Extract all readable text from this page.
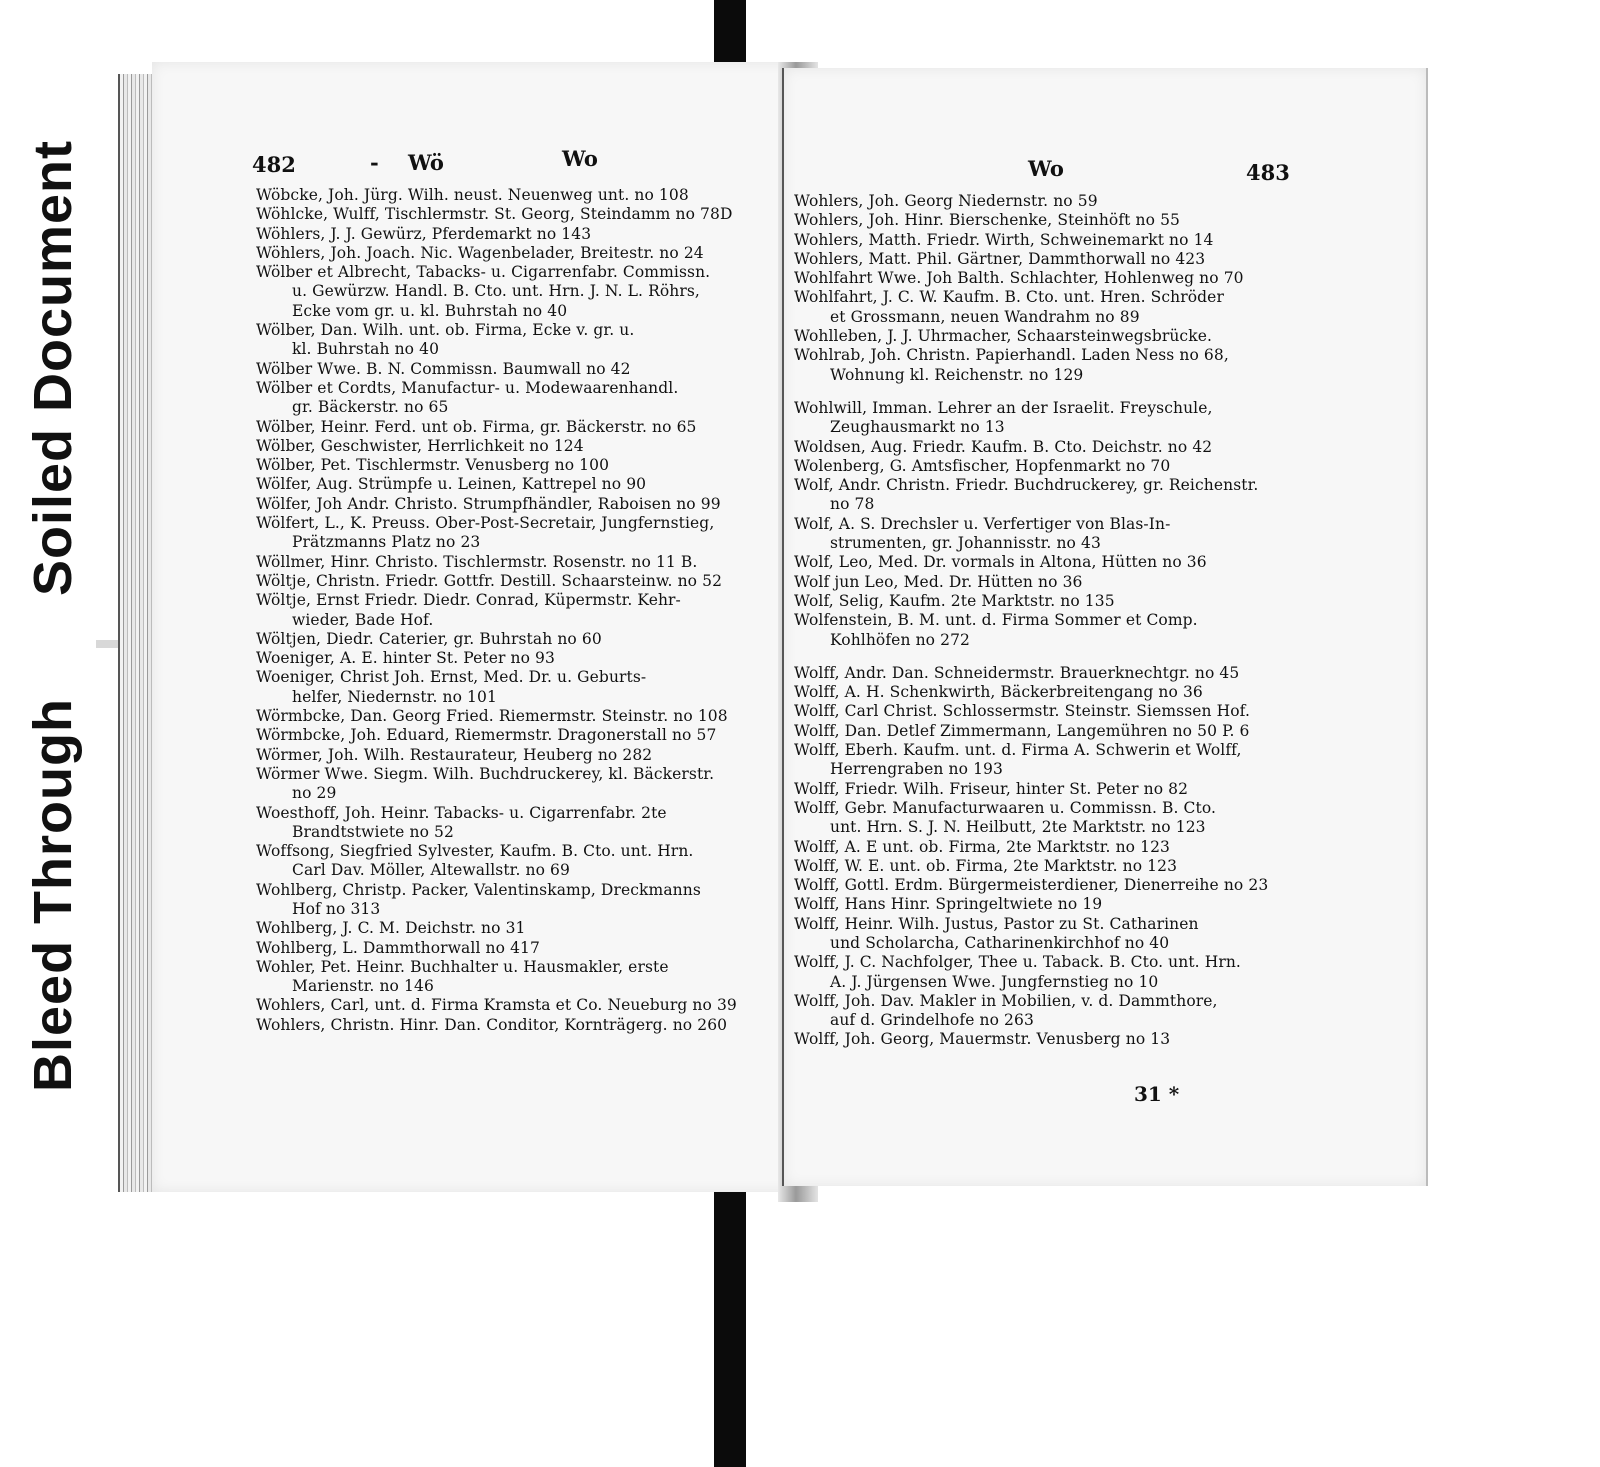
Soiled Document
Bleed Through
482	- Wö	Wo
Wöbcke, Joh. Jürg. Wilh. neust. Neuenweg unt. no 108
Wöhlcke, Wulff, Tischlermstr. St. Georg, Steindamm no 78D
Wöhlers, J. J. Gewürz, Pferdemarkt no 143
Wöhlers, Joh. Joach. Nic. Wagenbelader, Breitestr. no 24
Wölber et Albrecht, Tabacks- u. Cigarrenfabr. Commissn.
u. Gewürzw. Handl. B. Cto. unt. Hrn. J. N. L. Röhrs,
Ecke vom gr. u. kl. Buhrstah no 40
Wölber, Dan. Wilh. unt. ob. Firma, Ecke v. gr. u.
kl. Buhrstah no 40
Wölber Wwe. B. N. Commissn. Baumwall no 42
Wölber et Cordts, Manufactur- u. Modewaarenhandl.
gr. Bäckerstr. no 65
Wölber, Heinr. Ferd. unt ob. Firma, gr. Bäckerstr. no 65
Wölber, Geschwister, Herrlichkeit no 124
Wölber, Pet. Tischlermstr. Venusberg no 100
Wölfer, Aug. Strümpfe u. Leinen, Kattrepel no 90
Wölfer, Joh Andr. Christo. Strumpfhändler, Raboisen no 99
Wölfert, L., K. Preuss. Ober-Post-Secretair, Jungfernstieg,
Prätzmanns Platz no 23
Wöllmer, Hinr. Christo. Tischlermstr. Rosenstr. no 11 B.
Wöltje, Christn. Friedr. Gottfr. Destill. Schaarsteinw. no 52
Wöltje, Ernst Friedr. Diedr. Conrad, Küpermstr. Kehr-
wieder, Bade Hof.
Wöltjen, Diedr. Caterier, gr. Buhrstah no 60
Woeniger, A. E. hinter St. Peter no 93
Woeniger, Christ Joh. Ernst, Med. Dr. u. Geburts-
helfer, Niedernstr. no 101
Wörmbcke, Dan. Georg Fried. Riemermstr. Steinstr. no 108
Wörmbcke, Joh. Eduard, Riemermstr. Dragonerstall no 57
Wörmer, Joh. Wilh. Restaurateur, Heuberg no 282
Wörmer Wwe. Siegm. Wilh. Buchdruckerey, kl. Bäckerstr.
no 29
Woesthoff, Joh. Heinr. Tabacks- u. Cigarrenfabr. 2te
Brandtstwiete no 52
Woffsong, Siegfried Sylvester, Kaufm. B. Cto. unt. Hrn.
Carl Dav. Möller, Altewallstr. no 69
Wohlberg, Christp. Packer, Valentinskamp, Dreckmanns
Hof no 313
Wohlberg, J. C. M. Deichstr. no 31
Wohlberg, L. Dammthorwall no 417
Wohler, Pet. Heinr. Buchhalter u. Hausmakler, erste
Marienstr. no 146
Wohlers, Carl, unt. d. Firma Kramsta et Co. Neueburg no 39
Wohlers, Christn. Hinr. Dan. Conditor, Kornträgerg. no 260
Wo	483
Wohlers, Joh. Georg Niedernstr. no 59
Wohlers, Joh. Hinr. Bierschenke, Steinhöft no 55
Wohlers, Matth. Friedr. Wirth, Schweinemarkt no 14
Wohlers, Matt. Phil. Gärtner, Dammthorwall no 423
Wohlfahrt Wwe. Joh Balth. Schlachter, Hohlenweg no 70
Wohlfahrt, J. C. W. Kaufm. B. Cto. unt. Hren. Schröder
et Grossmann, neuen Wandrahm no 89
Wohlleben, J. J. Uhrmacher, Schaarsteinwegsbrücke.
Wohlrab, Joh. Christn. Papierhandl. Laden Ness no 68,
Wohnung kl. Reichenstr. no 129
Wohlwill, Imman. Lehrer an der Israelit. Freyschule,
Zeughausmarkt no 13
Woldsen, Aug. Friedr. Kaufm. B. Cto. Deichstr. no 42
Wolenberg, G. Amtsfischer, Hopfenmarkt no 70
Wolf, Andr. Christn. Friedr. Buchdruckerey, gr. Reichenstr.
no 78
Wolf, A. S. Drechsler u. Verfertiger von Blas-In-
strumenten, gr. Johannisstr. no 43
Wolf, Leo, Med. Dr. vormals in Altona, Hütten no 36
Wolf jun Leo, Med. Dr. Hütten no 36
Wolf, Selig, Kaufm. 2te Marktstr. no 135
Wolfenstein, B. M. unt. d. Firma Sommer et Comp.
Kohlhöfen no 272
Wolff, Andr. Dan. Schneidermstr. Brauerknechtgr. no 45
Wolff, A. H. Schenkwirth, Bäckerbreitengang no 36
Wolff, Carl Christ. Schlossermstr. Steinstr. Siemssen Hof.
Wolff, Dan. Detlef Zimmermann, Langemühren no 50 P. 6
Wolff, Eberh. Kaufm. unt. d. Firma A. Schwerin et Wolff,
Herrengraben no 193
Wolff, Friedr. Wilh. Friseur, hinter St. Peter no 82
Wolff, Gebr. Manufacturwaaren u. Commissn. B. Cto.
unt. Hrn. S. J. N. Heilbutt, 2te Marktstr. no 123
Wolff, A. E unt. ob. Firma, 2te Marktstr. no 123
Wolff, W. E. unt. ob. Firma, 2te Marktstr. no 123
Wolff, Gottl. Erdm. Bürgermeisterdiener, Dienerreihe no 23
Wolff, Hans Hinr. Springeltwiete no 19
Wolff, Heinr. Wilh. Justus, Pastor zu St. Catharinen
und Scholarcha, Catharinenkirchhof no 40
Wolff, J. C. Nachfolger, Thee u. Taback. B. Cto. unt. Hrn.
A. J. Jürgensen Wwe. Jungfernstieg no 10
Wolff, Joh. Dav. Makler in Mobilien, v. d. Dammthore,
auf d. Grindelhofe no 263
Wolff, Joh. Georg, Mauermstr. Venusberg no 13
31 *
